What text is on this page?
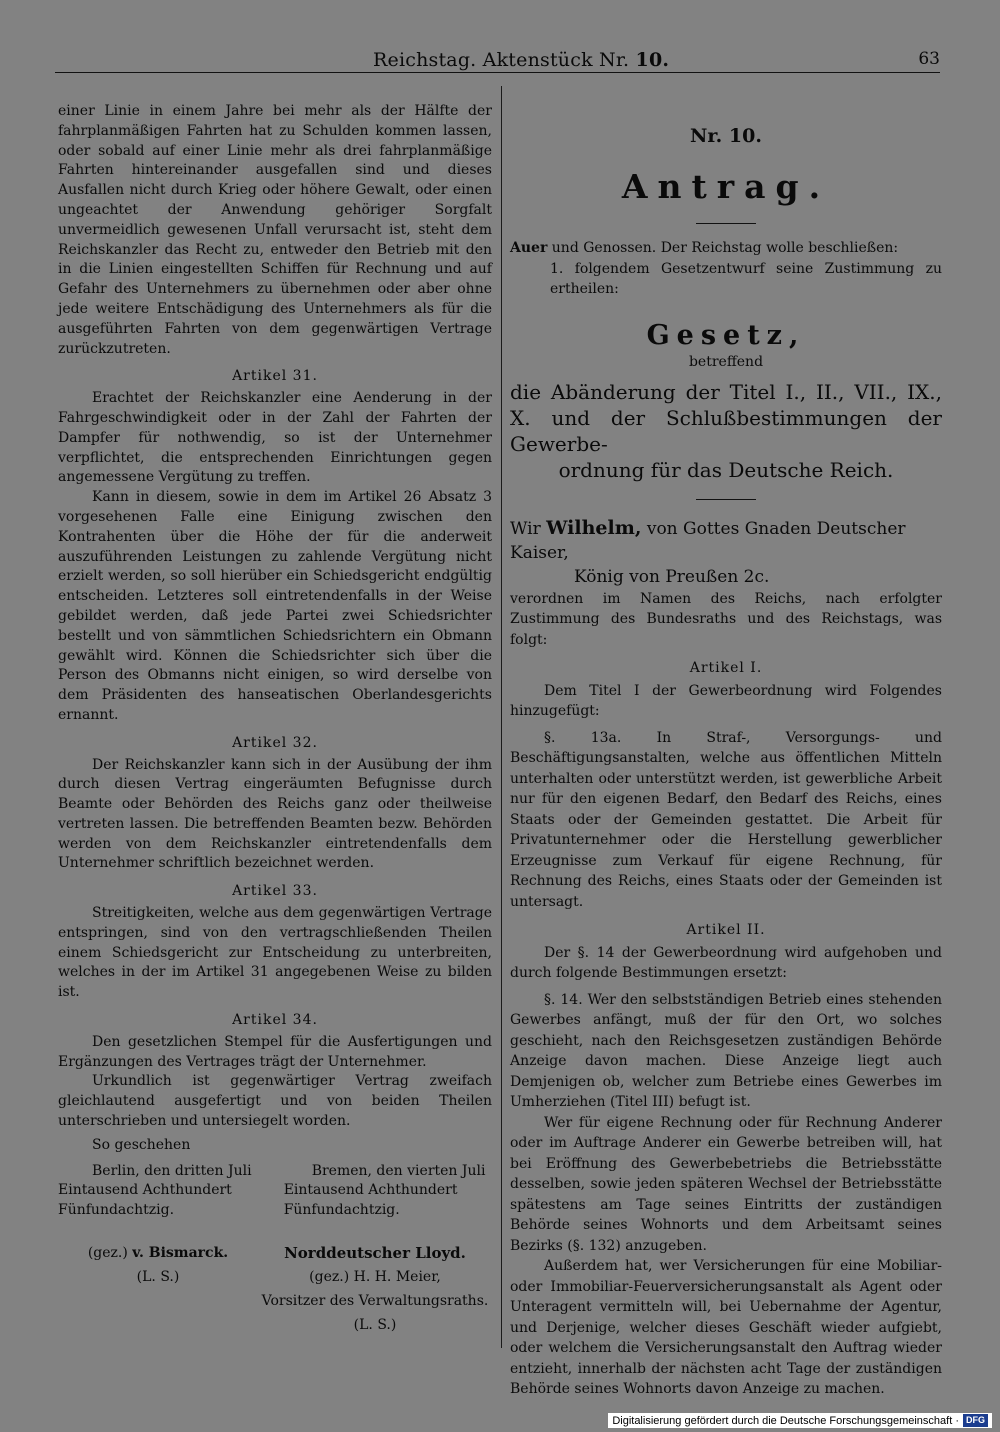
Reichstag. Aktenstück Nr. 10.	63

einer Linie in einem Jahre bei mehr als der Hälfte der fahrplanmäßigen Fahrten hat zu Schulden kommen lassen, oder sobald auf einer Linie mehr als drei fahrplanmäßige Fahrten hintereinander ausgefallen sind und dieses Ausfallen nicht durch Krieg oder höhere Gewalt, oder einen ungeachtet der Anwendung gehöriger Sorgfalt unvermeidlich gewesenen Unfall verursacht ist, steht dem Reichskanzler das Recht zu, entweder den Betrieb mit den in die Linien eingestellten Schiffen für Rechnung und auf Gefahr des Unternehmers zu übernehmen oder aber ohne jede weitere Entschädigung des Unternehmers als für die ausgeführten Fahrten von dem gegenwärtigen Vertrage zurückzutreten.

Artikel 31.

Erachtet der Reichskanzler eine Aenderung in der Fahrgeschwindigkeit oder in der Zahl der Fahrten der Dampfer für nothwendig, so ist der Unternehmer verpflichtet, die entsprechenden Einrichtungen gegen angemessene Vergütung zu treffen.

Kann in diesem, sowie in dem im Artikel 26 Absatz 3 vorgesehenen Falle eine Einigung zwischen den Kontrahenten über die Höhe der für die anderweit auszuführenden Leistungen zu zahlende Vergütung nicht erzielt werden, so soll hierüber ein Schiedsgericht endgültig entscheiden. Letzteres soll eintretendenfalls in der Weise gebildet werden, daß jede Partei zwei Schiedsrichter bestellt und von sämmtlichen Schiedsrichtern ein Obmann gewählt wird. Können die Schiedsrichter sich über die Person des Obmanns nicht einigen, so wird derselbe von dem Präsidenten des hanseatischen Oberlandesgerichts ernannt.

Artikel 32.

Der Reichskanzler kann sich in der Ausübung der ihm durch diesen Vertrag eingeräumten Befugnisse durch Beamte oder Behörden des Reichs ganz oder theilweise vertreten lassen. Die betreffenden Beamten bezw. Behörden werden von dem Reichskanzler eintretendenfalls dem Unternehmer schriftlich bezeichnet werden.

Artikel 33.

Streitigkeiten, welche aus dem gegenwärtigen Vertrage entspringen, sind von den vertragschließenden Theilen einem Schiedsgericht zur Entscheidung zu unterbreiten, welches in der im Artikel 31 angegebenen Weise zu bilden ist.

Artikel 34.

Den gesetzlichen Stempel für die Ausfertigungen und Ergänzungen des Vertrages trägt der Unternehmer.

Urkundlich ist gegenwärtiger Vertrag zweifach gleichlautend ausgefertigt und von beiden Theilen unterschrieben und untersiegelt worden.

So geschehen

Berlin, den dritten Juli Eintausend Achthundert Fünfundachtzig.
Bremen, den vierten Juli Eintausend Achthundert Fünfundachtzig.
(gez.) v. Bismarck.
(L. S.)
Norddeutscher Lloyd.
(gez.) H. H. Meier,
Vorsitzer des Verwaltungsraths.
(L. S.)
Nr. 10.
Antrag.

Auer und Genossen. Der Reichstag wolle beschließen:

1. folgendem Gesetzentwurf seine Zustimmung zu ertheilen:

Gesetz,
betreffend

die Abänderung der Titel I., II., VII., IX., X. und der Schlußbestimmungen der Gewerbe-

ordnung für das Deutsche Reich.
Wir Wilhelm, von Gottes Gnaden Deutscher Kaiser,
König von Preußen 2c.

verordnen im Namen des Reichs, nach erfolgter Zustimmung des Bundesraths und des Reichstags, was folgt:

Artikel I.

Dem Titel I der Gewerbeordnung wird Folgendes hinzugefügt:

§. 13a. In Straf-, Versorgungs- und Beschäftigungsanstalten, welche aus öffentlichen Mitteln unterhalten oder unterstützt werden, ist gewerbliche Arbeit nur für den eigenen Bedarf, den Bedarf des Reichs, eines Staats oder der Gemeinden gestattet. Die Arbeit für Privatunternehmer oder die Herstellung gewerblicher Erzeugnisse zum Verkauf für eigene Rechnung, für Rechnung des Reichs, eines Staats oder der Gemeinden ist untersagt.

Artikel II.

Der §. 14 der Gewerbeordnung wird aufgehoben und durch folgende Bestimmungen ersetzt:

§. 14. Wer den selbstständigen Betrieb eines stehenden Gewerbes anfängt, muß der für den Ort, wo solches geschieht, nach den Reichsgesetzen zuständigen Behörde Anzeige davon machen. Diese Anzeige liegt auch Demjenigen ob, welcher zum Betriebe eines Gewerbes im Umherziehen (Titel III) befugt ist.

Wer für eigene Rechnung oder für Rechnung Anderer oder im Auftrage Anderer ein Gewerbe betreiben will, hat bei Eröffnung des Gewerbebetriebs die Betriebsstätte desselben, sowie jeden späteren Wechsel der Betriebsstätte spätestens am Tage seines Eintritts der zuständigen Behörde seines Wohnorts und dem Arbeitsamt seines Bezirks (§. 132) anzugeben.

Außerdem hat, wer Versicherungen für eine Mobiliar- oder Immobiliar-Feuerversicherungsanstalt als Agent oder Unteragent vermitteln will, bei Uebernahme der Agentur, und Derjenige, welcher dieses Geschäft wieder aufgiebt, oder welchem die Versicherungsanstalt den Auftrag wieder entzieht, innerhalb der nächsten acht Tage der zuständigen Behörde seines Wohnorts davon Anzeige zu machen.

Digitalisierung gefördert durch die Deutsche Forschungsgemeinschaft · DFG
